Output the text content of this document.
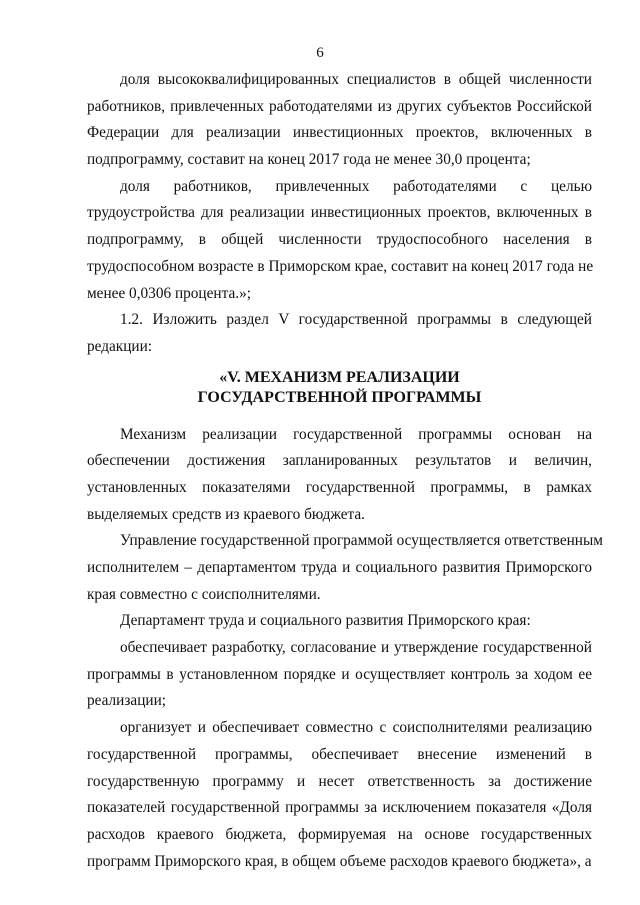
6
доля высококвалифицированных специалистов в общей численности
работников, привлеченных работодателями из других субъектов Российской
Федерации для реализации инвестиционных проектов, включенных в
подпрограмму, составит на конец 2017 года не менее 30,0 процента;
доля работников, привлеченных работодателями с целью
трудоустройства для реализации инвестиционных проектов, включенных в
подпрограмму, в общей численности трудоспособного населения в
трудоспособном возрасте в Приморском крае, составит на конец 2017 года не
менее 0,0306 процента.»;
1.2. Изложить раздел V государственной программы в следующей
редакции:
«V. МЕХАНИЗМ РЕАЛИЗАЦИИ
ГОСУДАРСТВЕННОЙ ПРОГРАММЫ
Механизм реализации государственной программы основан на
обеспечении достижения запланированных результатов и величин,
установленных показателями государственной программы, в рамках
выделяемых средств из краевого бюджета.
Управление государственной программой осуществляется ответственным
исполнителем – департаментом труда и социального развития Приморского
края совместно с соисполнителями.
Департамент труда и социального развития Приморского края:
обеспечивает разработку, согласование и утверждение государственной
программы в установленном порядке и осуществляет контроль за ходом ее
реализации;
организует и обеспечивает совместно с соисполнителями реализацию
государственной программы, обеспечивает внесение изменений в
государственную программу и несет ответственность за достижение
показателей государственной программы за исключением показателя «Доля
расходов краевого бюджета, формируемая на основе государственных
программ Приморского края, в общем объеме расходов краевого бюджета», а
